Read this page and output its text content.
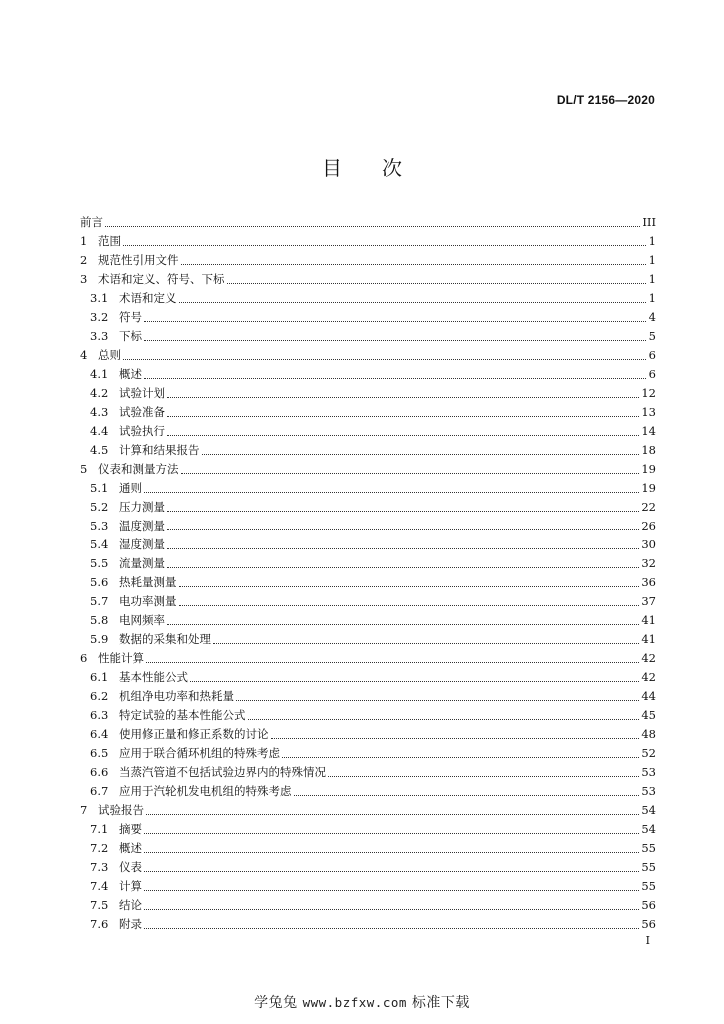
DL/T 2156—2020
目次
前言	III
1 范围	1
2 规范性引用文件	1
3 术语和定义、符号、下标	1
3.1 术语和定义	1
3.2 符号	4
3.3 下标	5
4 总则	6
4.1 概述	6
4.2 试验计划	12
4.3 试验准备	13
4.4 试验执行	14
4.5 计算和结果报告	18
5 仪表和测量方法	19
5.1 通则	19
5.2 压力测量	22
5.3 温度测量	26
5.4 湿度测量	30
5.5 流量测量	32
5.6 热耗量测量	36
5.7 电功率测量	37
5.8 电网频率	41
5.9 数据的采集和处理	41
6 性能计算	42
6.1 基本性能公式	42
6.2 机组净电功率和热耗量	44
6.3 特定试验的基本性能公式	45
6.4 使用修正量和修正系数的讨论	48
6.5 应用于联合循环机组的特殊考虑	52
6.6 当蒸汽管道不包括试验边界内的特殊情况	53
6.7 应用于汽轮机发电机组的特殊考虑	53
7 试验报告	54
7.1 摘要	54
7.2 概述	55
7.3 仪表	55
7.4 计算	55
7.5 结论	56
7.6 附录	56
I
学兔兔 www.bzfxw.com 标准下载
